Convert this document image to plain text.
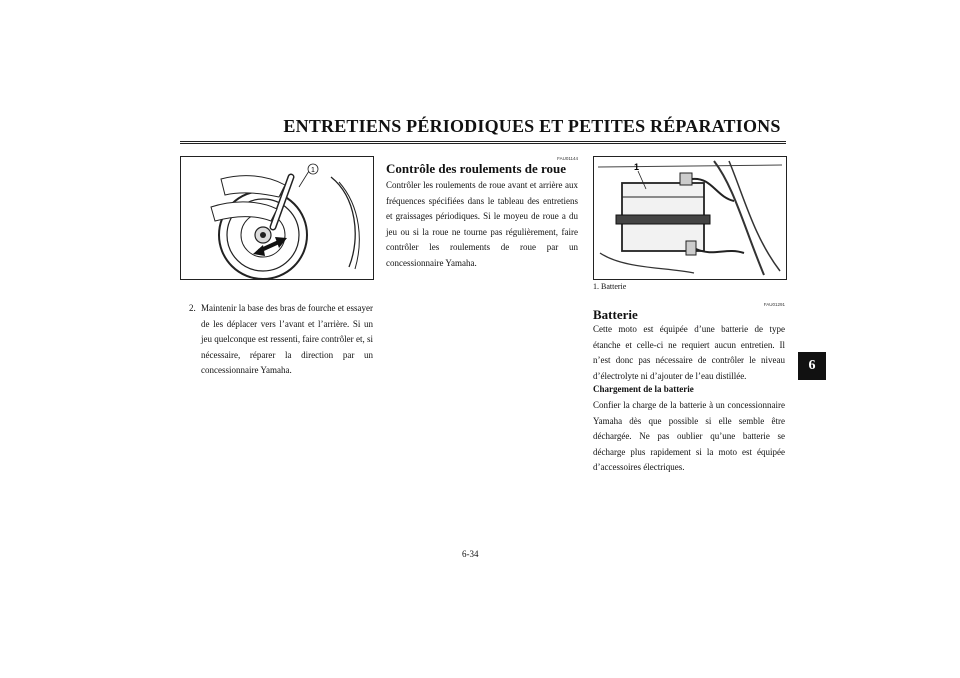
ENTRETIENS PÉRIODIQUES ET PETITES RÉPARATIONS
6
1
2. Maintenir la base des bras de fourche et essayer de les déplacer vers l’avant et l’arrière. Si un jeu quelconque est ressenti, faire contrôler et, si nécessaire, réparer la direction par un concessionnaire Yamaha.
FAU01144
Contrôle des roulements de roue

Contrôler les roulements de roue avant et arrière aux fréquences spécifiées dans le tableau des entretiens et graissages périodiques. Si le moyeu de roue a du jeu ou si la roue ne tourne pas régulièrement, faire contrôler les roulements de roue par un concessionnaire Yamaha.

1
1. Batterie
FAU01291
Batterie

Cette moto est équipée d’une batterie de type étanche et celle-ci ne requiert aucun entretien. Il n’est donc pas nécessaire de contrôler le niveau d’électrolyte ni d’ajouter de l’eau distillée.

Chargement de la batterie

Confier la charge de la batterie à un concessionnaire Yamaha dès que possible si elle semble être déchargée. Ne pas oublier qu’une batterie se décharge plus rapidement si la moto est équipée d’accessoires électriques.

6-34
